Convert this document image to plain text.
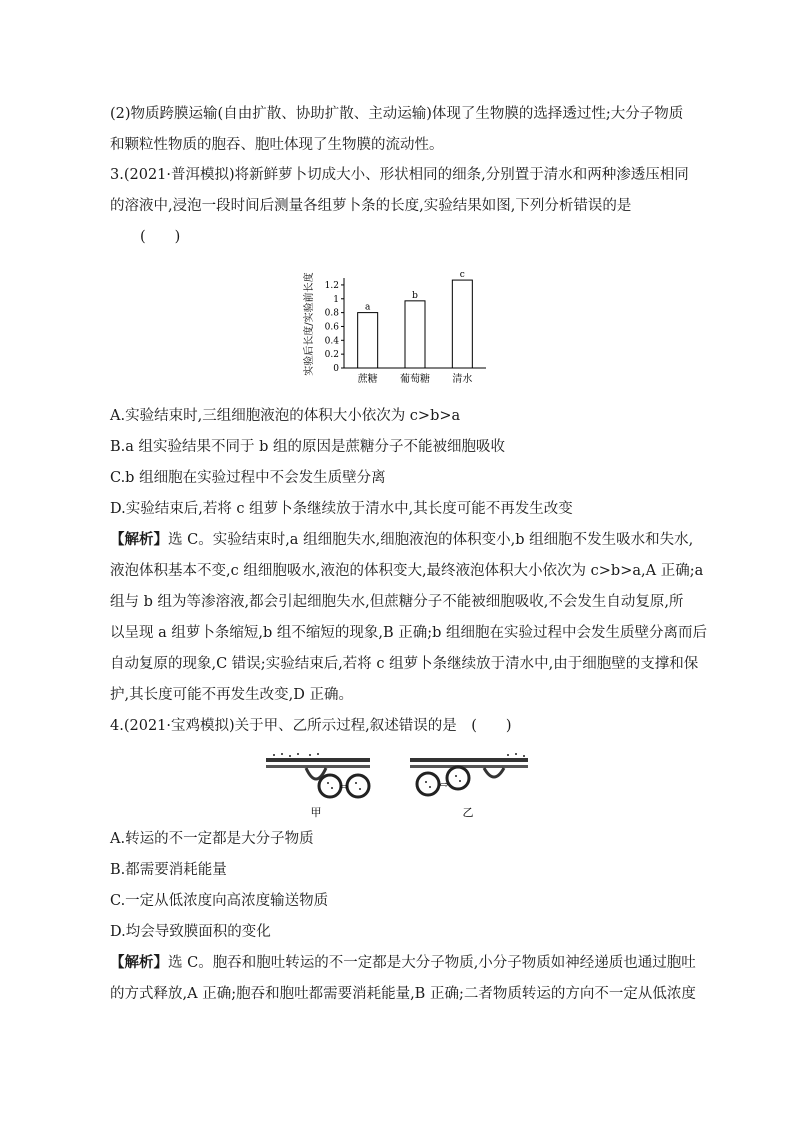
(2)物质跨膜运输(自由扩散、协助扩散、主动运输)体现了生物膜的选择透过性;大分子物质
和颗粒性物质的胞吞、胞吐体现了生物膜的流动性。
3.(2021·普洱模拟)将新鲜萝卜切成大小、形状相同的细条,分别置于清水和两种渗透压相同
的溶液中,浸泡一段时间后测量各组萝卜条的长度,实验结果如图,下列分析错误的是
(　　)
实验后长度/实验前长度 1.2
1
0.8
0.6
0.4
0.2
0
a
蔗糖
b
葡萄糖
c
清水
A.实验结束时,三组细胞液泡的体积大小依次为 c>b>a
B.a 组实验结果不同于 b 组的原因是蔗糖分子不能被细胞吸收
C.b 组细胞在实验过程中不会发生质壁分离
D.实验结束后,若将 c 组萝卜条继续放于清水中,其长度可能不再发生改变
【解析】选 C。实验结束时,a 组细胞失水,细胞液泡的体积变小,b 组细胞不发生吸水和失水,
液泡体积基本不变,c 组细胞吸水,液泡的体积变大,最终液泡体积大小依次为 c>b>a,A 正确;a
组与 b 组为等渗溶液,都会引起细胞失水,但蔗糖分子不能被细胞吸收,不会发生自动复原,所
以呈现 a 组萝卜条缩短,b 组不缩短的现象,B 正确;b 组细胞在实验过程中会发生质壁分离而后
自动复原的现象,C 错误;实验结束后,若将 c 组萝卜条继续放于清水中,由于细胞壁的支撑和保
护,其长度可能不再发生改变,D 正确。
4.(2021·宝鸡模拟)关于甲、乙所示过程,叙述错误的是　(　　)
⇨
甲
⇨
乙
A.转运的不一定都是大分子物质
B.都需要消耗能量
C.一定从低浓度向高浓度输送物质
D.均会导致膜面积的变化
【解析】选 C。胞吞和胞吐转运的不一定都是大分子物质,小分子物质如神经递质也通过胞吐
的方式释放,A 正确;胞吞和胞吐都需要消耗能量,B 正确;二者物质转运的方向不一定从低浓度
